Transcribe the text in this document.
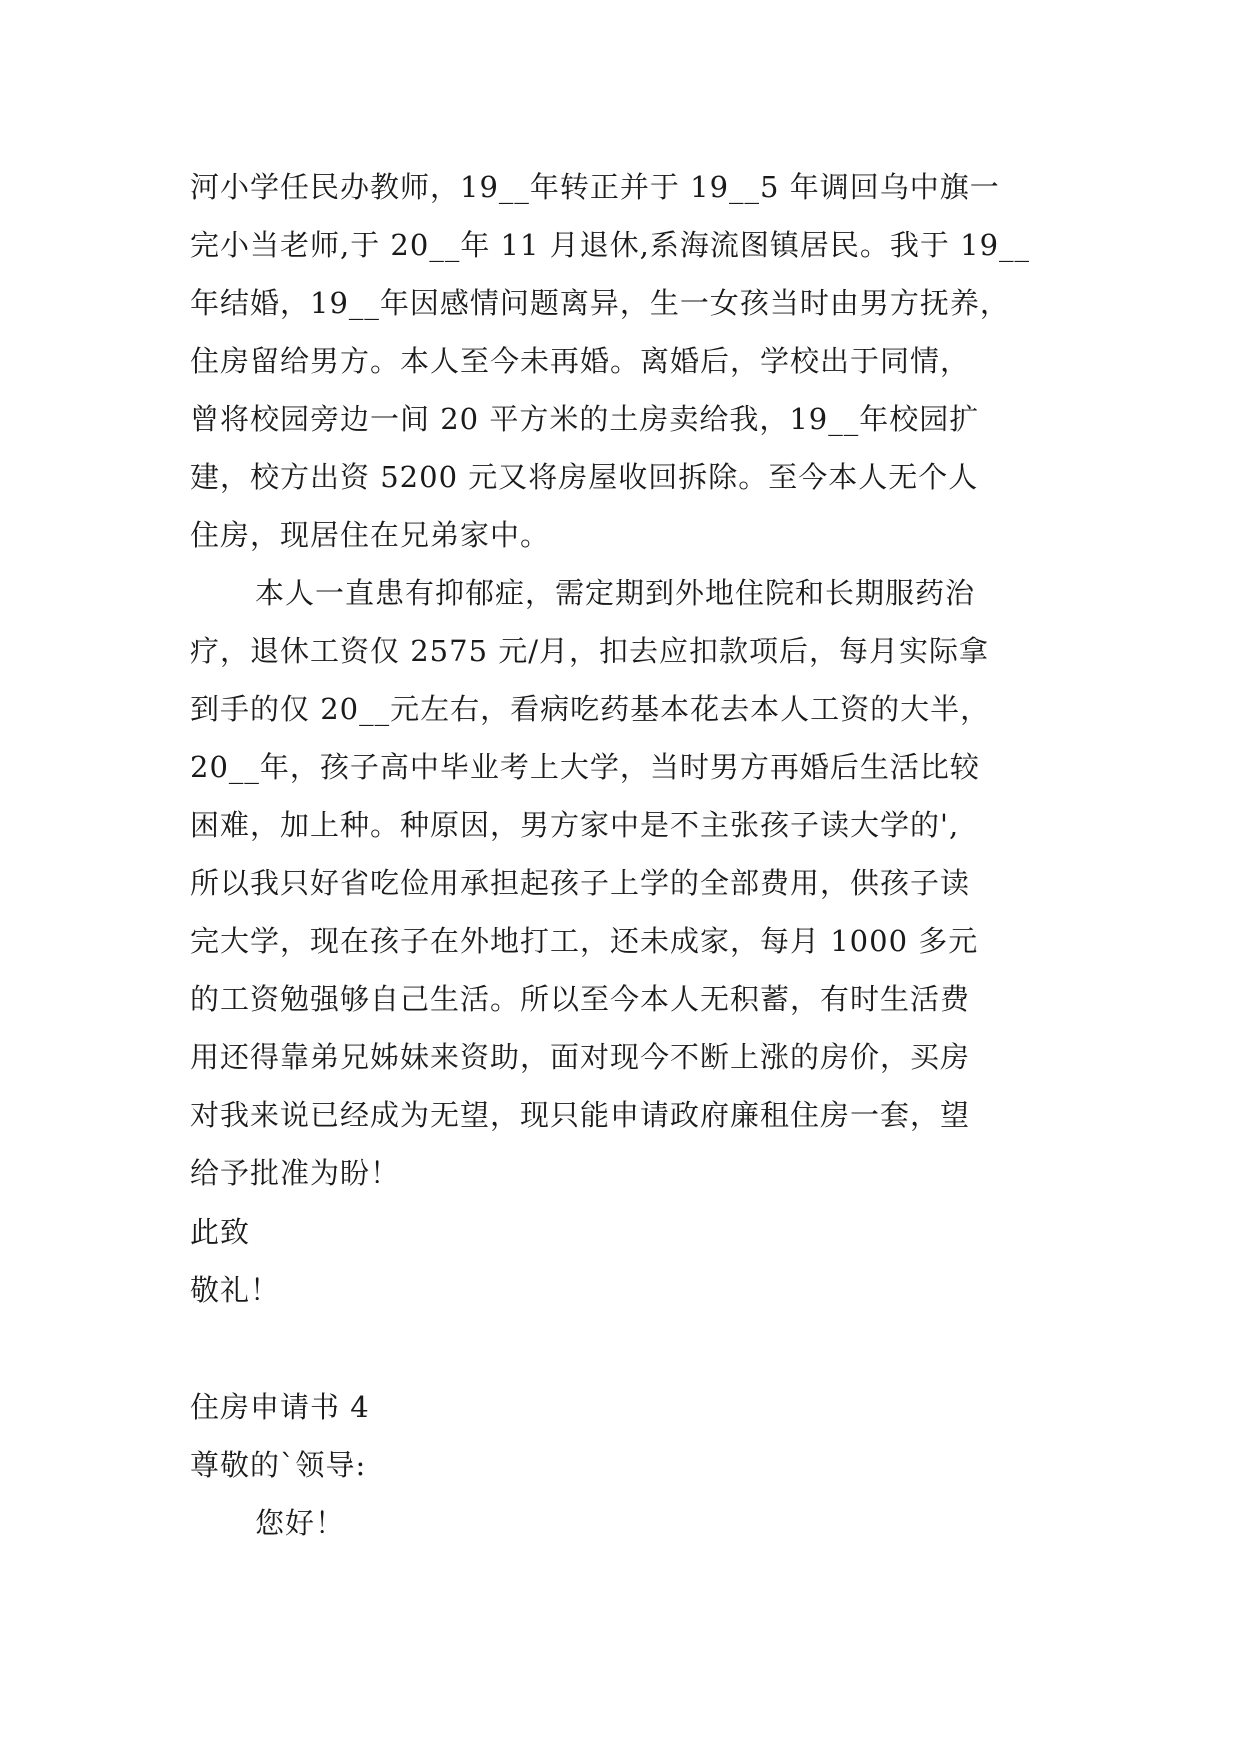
河小学任民办教师，19__年转正并于 19__5 年调回乌中旗一
完小当老师,于 20__年 11 月退休,系海流图镇居民。我于 19__
年结婚，19__年因感情问题离异，生一女孩当时由男方抚养，
住房留给男方。本人至今未再婚。离婚后，学校出于同情，
曾将校园旁边一间 20 平方米的土房卖给我，19__年校园扩
建，校方出资 5200 元又将房屋收回拆除。至今本人无个人
住房，现居住在兄弟家中。
本人一直患有抑郁症，需定期到外地住院和长期服药治
疗，退休工资仅 2575 元/月，扣去应扣款项后，每月实际拿
到手的仅 20__元左右，看病吃药基本花去本人工资的大半，
20__年，孩子高中毕业考上大学，当时男方再婚后生活比较
困难，加上种。种原因，男方家中是不主张孩子读大学的',
所以我只好省吃俭用承担起孩子上学的全部费用，供孩子读
完大学，现在孩子在外地打工，还未成家，每月 1000 多元
的工资勉强够自己生活。所以至今本人无积蓄，有时生活费
用还得靠弟兄姊妹来资助，面对现今不断上涨的房价，买房
对我来说已经成为无望，现只能申请政府廉租住房一套，望
给予批准为盼！
此致
敬礼！
住房申请书 4
尊敬的`领导:
您好！
